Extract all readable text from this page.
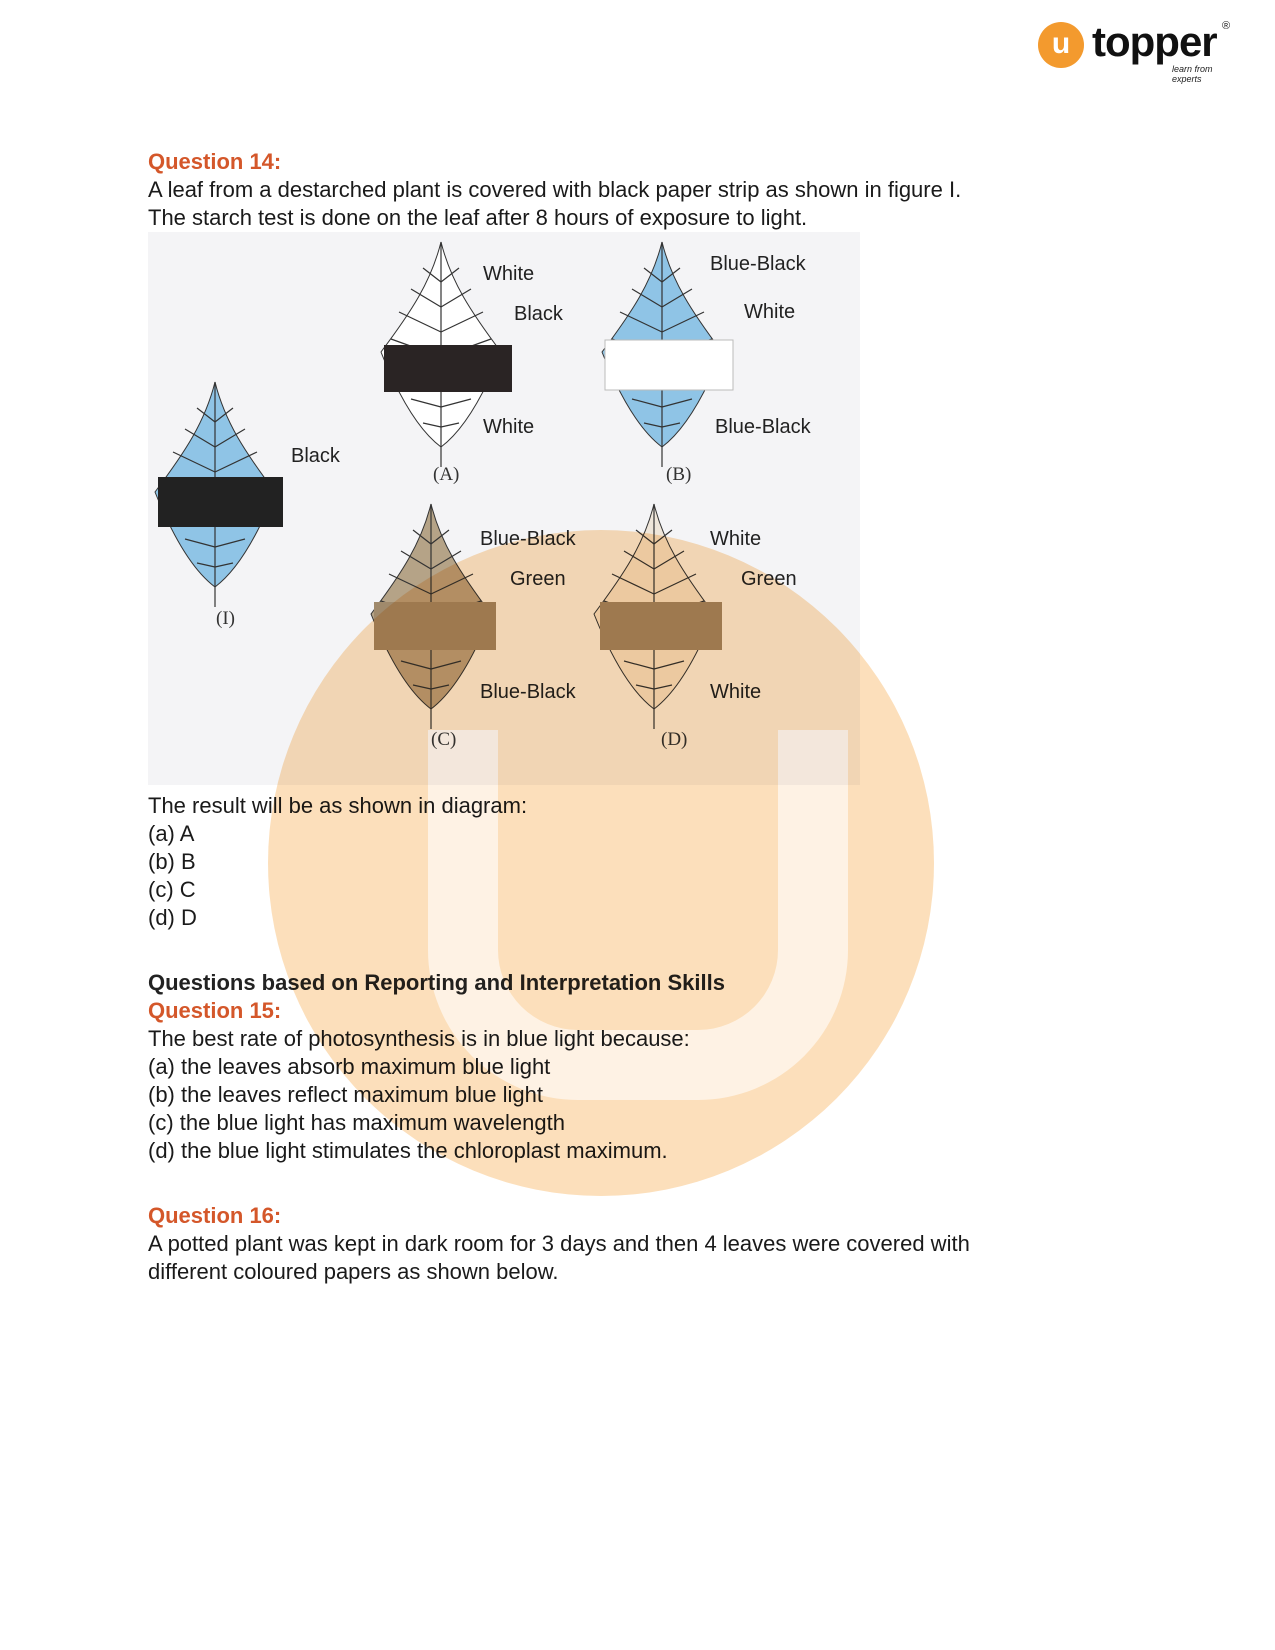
u topper ®
learn from experts
Question 14:
A leaf from a destarched plant is covered with black paper strip as shown in figure I.
The starch test is done on the leaf after 8 hours of exposure to light.
Black
(I)
White
Black
White
(A)
Blue-Black
White
Blue-Black
(B)
Blue-Black
Green
Blue-Black
(C)
White
Green
White
(D)
The result will be as shown in diagram:
(a) A
(b) B
(c) C
(d) D
Questions based on Reporting and Interpretation Skills
Question 15:
The best rate of photosynthesis is in blue light because:
(a) the leaves absorb maximum blue light
(b) the leaves reflect maximum blue light
(c) the blue light has maximum wavelength
(d) the blue light stimulates the chloroplast maximum.
Question 16:
A potted plant was kept in dark room for 3 days and then 4 leaves were covered with
different coloured papers as shown below.
